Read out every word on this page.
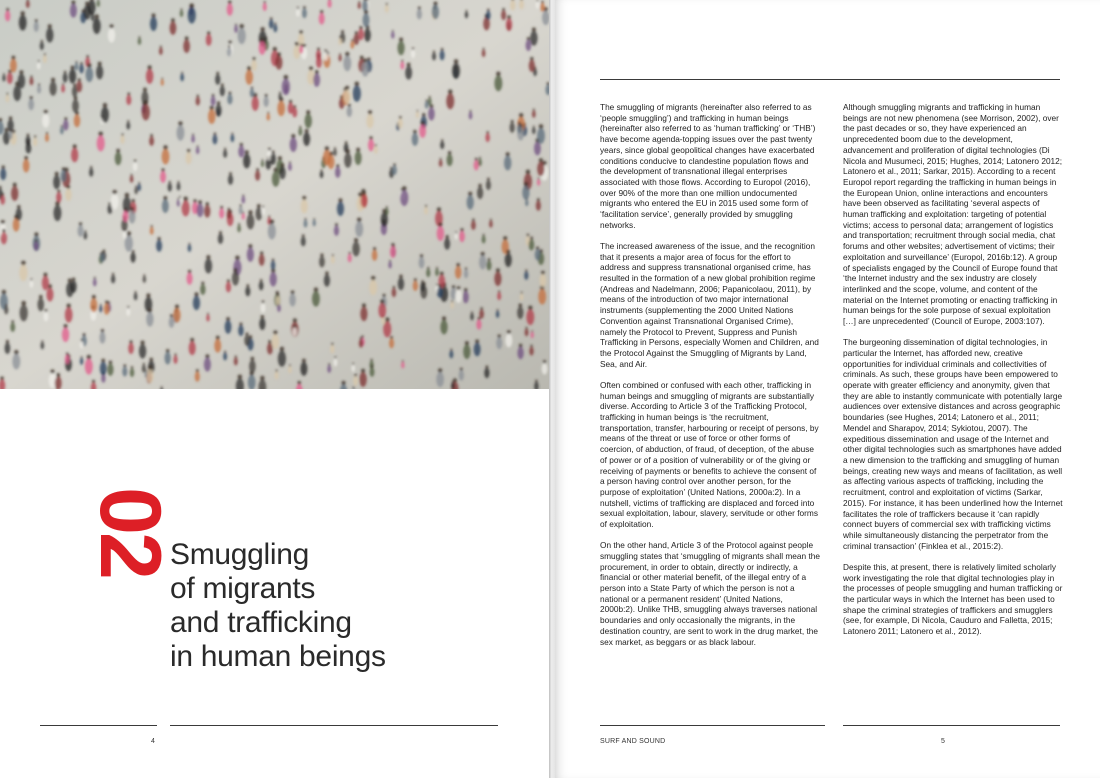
02
Smuggling
of migrants
and trafficking
in human beings
4

The smuggling of migrants (hereinafter also referred to as ‘people smuggling’) and trafficking in human beings (hereinafter also referred to as ‘human trafficking’ or ‘THB’) have become agenda-topping issues over the past twenty years, since global geopolitical changes have exacerbated conditions conducive to clandestine population flows and the development of transnational illegal enterprises associated with those flows. According to Europol (2016), over 90% of the more than one million undocumented migrants who entered the EU in 2015 used some form of ‘facilitation service’, generally provided by smuggling networks.

The increased awareness of the issue, and the recognition that it presents a major area of focus for the effort to address and suppress transnational organised crime, has resulted in the formation of a new global prohibition regime (Andreas and Nadelmann, 2006; Papanicolaou, 2011), by means of the introduction of two major international instruments (supplementing the 2000 United Nations Convention against Transnational Organised Crime), namely the Protocol to Prevent, Suppress and Punish Trafficking in Persons, especially Women and Children, and the Protocol Against the Smuggling of Migrants by Land, Sea, and Air.

Often combined or confused with each other, trafficking in human beings and smuggling of migrants are substantially diverse. According to Article 3 of the Trafficking Protocol, trafficking in human beings is ‘the recruitment, transportation, transfer, harbouring or receipt of persons, by means of the threat or use of force or other forms of coercion, of abduction, of fraud, of deception, of the abuse of power or of a position of vulnerability or of the giving or receiving of payments or benefits to achieve the consent of a person having control over another person, for the purpose of exploitation’ (United Nations, 2000a:2). In a nutshell, victims of trafficking are displaced and forced into sexual exploitation, labour, slavery, servitude or other forms of exploitation.

On the other hand, Article 3 of the Protocol against people smuggling states that ‘smuggling of migrants shall mean the procurement, in order to obtain, directly or indirectly, a financial or other material benefit, of the illegal entry of a person into a State Party of which the person is not a national or a permanent resident’ (United Nations, 2000b:2). Unlike THB, smuggling always traverses national boundaries and only occasionally the migrants, in the destination country, are sent to work in the drug market, the sex market, as beggars or as black labour.

Although smuggling migrants and trafficking in human beings are not new phenomena (see Morrison, 2002), over the past decades or so, they have experienced an unprecedented boom due to the development, advancement and proliferation of digital technologies (Di Nicola and Musumeci, 2015; Hughes, 2014; Latonero 2012; Latonero et al., 2011; Sarkar, 2015). According to a recent Europol report regarding the trafficking in human beings in the European Union, online interactions and encounters have been observed as facilitating ‘several aspects of human trafficking and exploitation: targeting of potential victims; access to personal data; arrangement of logistics and transportation; recruitment through social media, chat forums and other websites; advertisement of victims; their exploitation and surveillance’ (Europol, 2016b:12). A group of specialists engaged by the Council of Europe found that ‘the Internet industry and the sex industry are closely interlinked and the scope, volume, and content of the material on the Internet promoting or enacting trafficking in human beings for the sole purpose of sexual exploitation […] are unprecedented’ (Council of Europe, 2003:107).

The burgeoning dissemination of digital technologies, in particular the Internet, has afforded new, creative opportunities for individual criminals and collectivities of criminals. As such, these groups have been empowered to operate with greater efficiency and anonymity, given that they are able to instantly communicate with potentially large audiences over extensive distances and across geographic boundaries (see Hughes, 2014; Latonero et al., 2011; Mendel and Sharapov, 2014; Sykiotou, 2007). The expeditious dissemination and usage of the Internet and other digital technologies such as smartphones have added a new dimension to the trafficking and smuggling of human beings, creating new ways and means of facilitation, as well as affecting various aspects of trafficking, including the recruitment, control and exploitation of victims (Sarkar, 2015). For instance, it has been underlined how the Internet facilitates the role of traffickers because it ‘can rapidly connect buyers of commercial sex with trafficking victims while simultaneously distancing the perpetrator from the criminal transaction’ (Finklea et al., 2015:2).

Despite this, at present, there is relatively limited scholarly work investigating the role that digital technologies play in the processes of people smuggling and human trafficking or the particular ways in which the Internet has been used to shape the criminal strategies of traffickers and smugglers (see, for example, Di Nicola, Cauduro and Falletta, 2015; Latonero 2011; Latonero et al., 2012).

SURF AND SOUND	5
